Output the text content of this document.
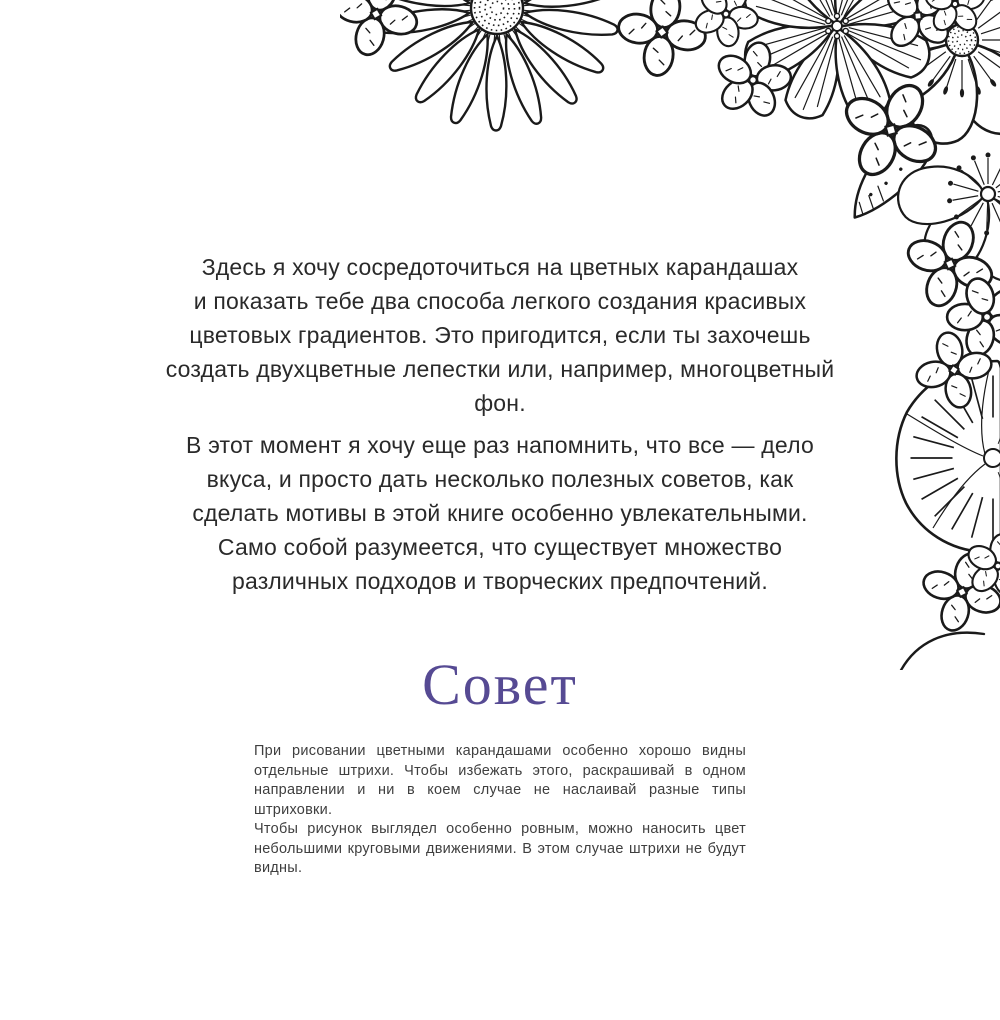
Здесь я хочу сосредоточиться на цветных карандашах
и показать тебе два способа легкого создания красивых
цветовых градиентов. Это пригодится, если ты захочешь
создать двухцветные лепестки или, например, многоцветный
фон.
В этот момент я хочу еще раз напомнить, что все — дело
вкуса, и просто дать несколько полезных советов, как
сделать мотивы в этой книге особенно увлекательными.
Само собой разумеется, что существует множество
различных подходов и творческих предпочтений.
Совет
При рисовании цветными карандашами особенно хорошо видны
отдельные штрихи. Чтобы избежать этого, раскрашивай в одном
направлении и ни в коем случае не наслаивай разные типы штриховки.
Чтобы рисунок выглядел особенно ровным, можно наносить цвет
небольшими круговыми движениями. В этом случае штрихи не будут
видны.
